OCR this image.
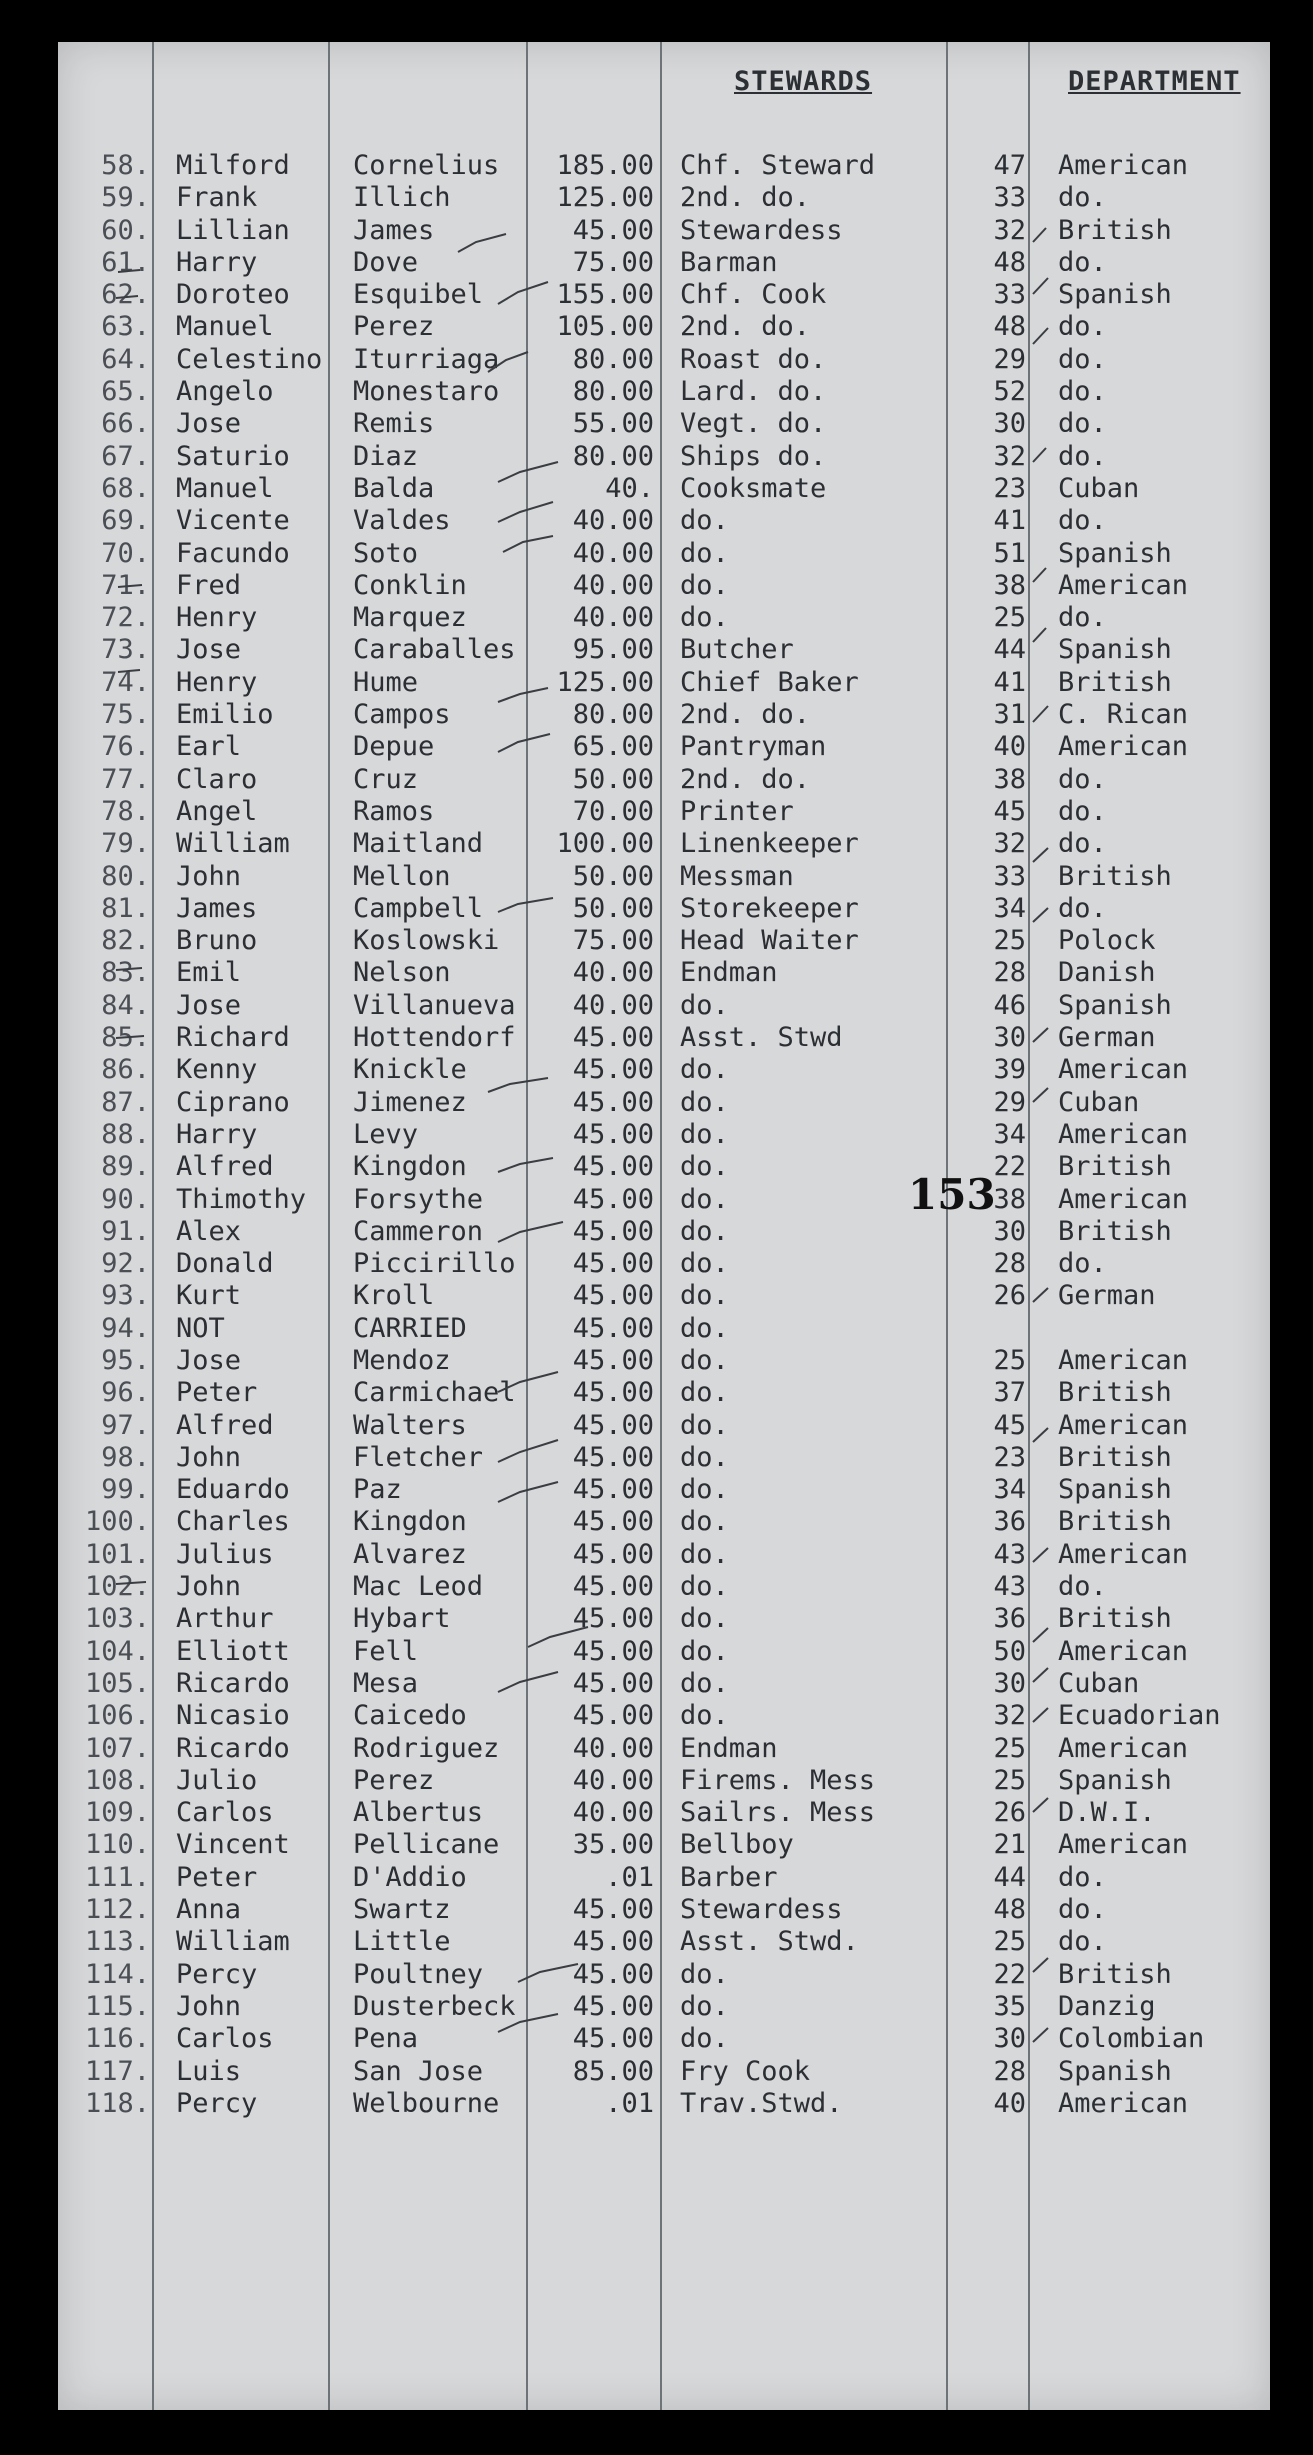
STEWARDS	DEPARTMENT
58. Milford Cornelius	185.00 Chf. Steward	47 American
59. Frank	Illich	125.00 2nd. do.	33 do.
60. Lillian James	45.00 Stewardess	32 British
61. Harry	Dove	75.00 Barman	48 do.
62. Doroteo Esquibel	155.00 Chf. Cook	33 Spanish
63. Manuel	Perez	105.00 2nd. do.	48 do.
64. Celestino Iturriaga	80.00 Roast do.	29 do.
65. Angelo	Monestaro	80.00 Lard. do.	52 do.
66. Jose	Remis	55.00 Vegt. do.	30 do.
67. Saturio Diaz	80.00 Ships do.	32 do.
68. Manuel	Balda	40. Cooksmate	23 Cuban
69. Vicente Valdes	40.00 do.	41 do.
70. Facundo Soto	40.00 do.	51 Spanish
71. Fred	Conklin	40.00 do.	38 American
72. Henry	Marquez	40.00 do.	25 do.
73. Jose	Caraballes	95.00 Butcher	44 Spanish
74. Henry	Hume	125.00 Chief Baker	41 British
75. Emilio	Campos	80.00 2nd. do.	31 C. Rican
76. Earl	Depue	65.00 Pantryman	40 American
77. Claro	Cruz	50.00 2nd. do.	38 do.
78. Angel	Ramos	70.00 Printer	45 do.
79. William Maitland	100.00 Linenkeeper	32 do.
80. John	Mellon	50.00 Messman	33 British
81. James	Campbell	50.00 Storekeeper	34 do.
82. Bruno	Koslowski	75.00 Head Waiter	25 Polock
83. Emil	Nelson	40.00 Endman	28 Danish
84. Jose	Villanueva	40.00 do.	46 Spanish
85. Richard Hottendorf	45.00 Asst. Stwd	30 German
86. Kenny	Knickle	45.00 do.	39 American
87. Ciprano Jimenez	45.00 do.	29 Cuban
88. Harry	Levy	45.00 do.	34 American
89. Alfred	Kingdon	45.00 do.	22 British
90. Thimothy Forsythe	45.00 do.	38 American
91. Alex	Cammeron	45.00 do.	30 British
92. Donald	Piccirillo	45.00 do.	28 do.
93. Kurt	Kroll	45.00 do.	26 German
94. NOT	CARRIED	45.00 do.
95. Jose	Mendoz	45.00 do.	25 American
96. Peter	Carmichael	45.00 do.	37 British
97. Alfred	Walters	45.00 do.	45 American
98. John	Fletcher	45.00 do.	23 British
99. Eduardo Paz	45.00 do.	34 Spanish
100. Charles Kingdon	45.00 do.	36 British
101. Julius	Alvarez	45.00 do.	43 American
102. John	Mac Leod	45.00 do.	43 do.
103. Arthur	Hybart	45.00 do.	36 British
104. Elliott Fell	45.00 do.	50 American
105. Ricardo Mesa	45.00 do.	30 Cuban
106. Nicasio Caicedo	45.00 do.	32 Ecuadorian
107. Ricardo Rodriguez	40.00 Endman	25 American
108. Julio	Perez	40.00 Firems. Mess	25 Spanish
109. Carlos	Albertus	40.00 Sailrs. Mess	26 D.W.I.
110. Vincent Pellicane	35.00 Bellboy	21 American
111. Peter	D'Addio	.01 Barber	44 do.
112. Anna	Swartz	45.00 Stewardess	48 do.
113. William Little	45.00 Asst. Stwd.	25 do.
114. Percy	Poultney	45.00 do.	22 British
115. John	Dusterbeck	45.00 do.	35 Danzig
116. Carlos	Pena	45.00 do.	30 Colombian
117. Luis	San Jose	85.00 Fry Cook	28 Spanish
118. Percy	Welbourne	.01 Trav.Stwd.	40 American
153
